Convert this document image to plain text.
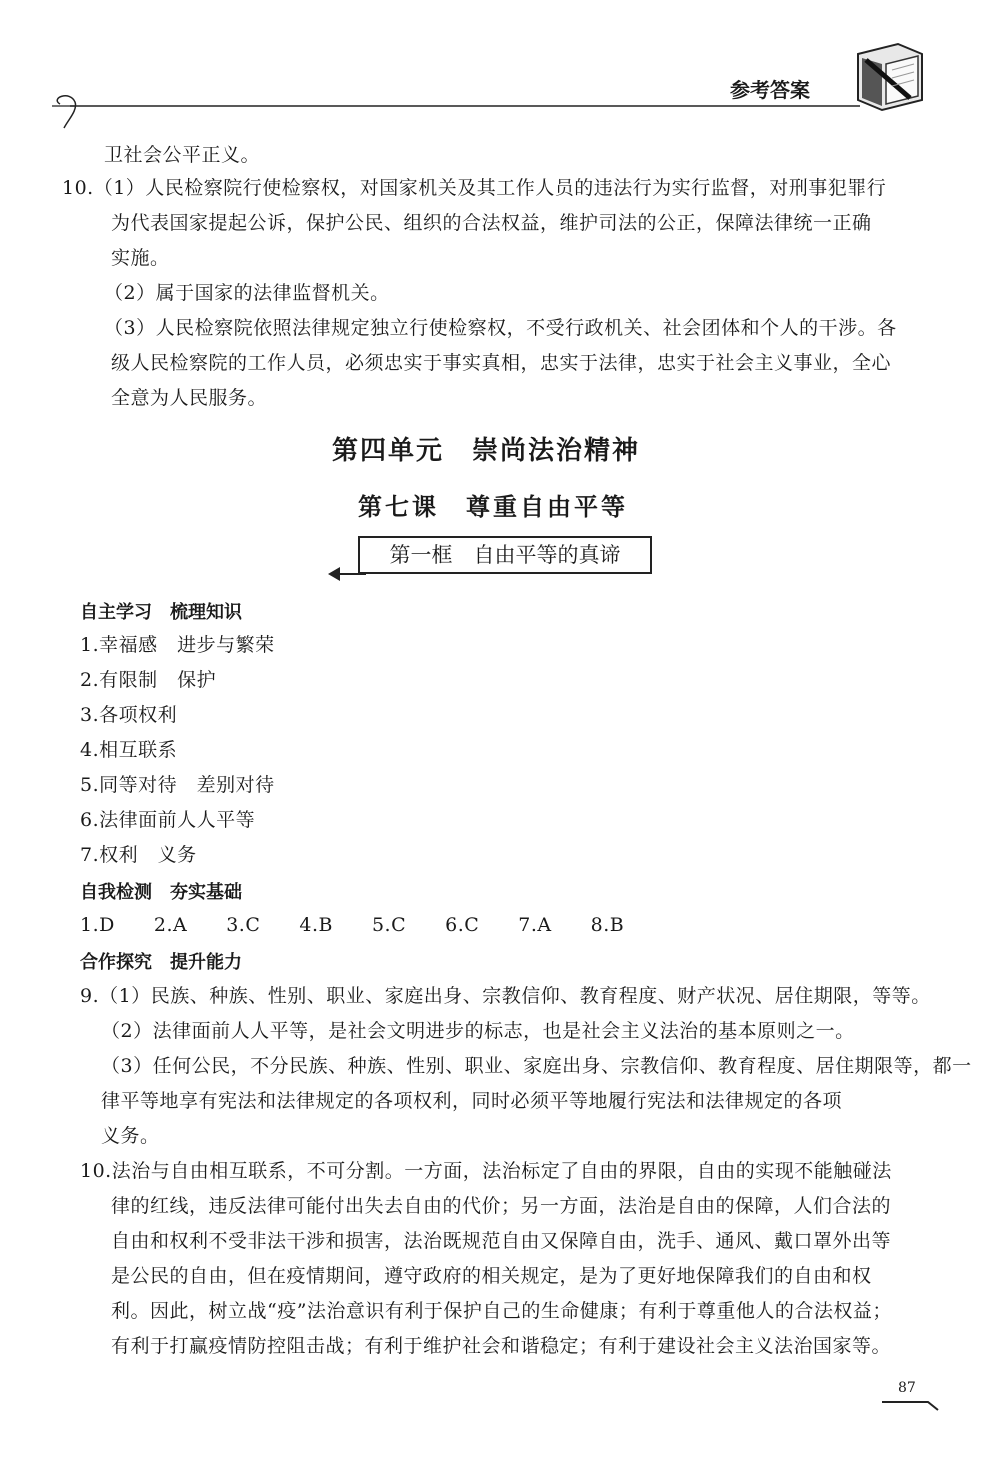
参考答案
卫社会公平正义。
10.（1）人民检察院行使检察权，对国家机关及其工作人员的违法行为实行监督，对刑事犯罪行
为代表国家提起公诉，保护公民、组织的合法权益，维护司法的公正，保障法律统一正确
实施。
（2）属于国家的法律监督机关。
（3）人民检察院依照法律规定独立行使检察权，不受行政机关、社会团体和个人的干涉。各
级人民检察院的工作人员，必须忠实于事实真相，忠实于法律，忠实于社会主义事业，全心
全意为人民服务。
第四单元　崇尚法治精神
第七课　尊重自由平等
第一框　自由平等的真谛
自主学习　梳理知识
1.幸福感　进步与繁荣
2.有限制　保护
3.各项权利
4.相互联系
5.同等对待　差别对待
6.法律面前人人平等
7.权利　义务
自我检测　夯实基础
1.D　　2.A　　3.C　　4.B　　5.C　　6.C　　7.A　　8.B
合作探究　提升能力
9.（1）民族、种族、性别、职业、家庭出身、宗教信仰、教育程度、财产状况、居住期限，等等。
（2）法律面前人人平等，是社会文明进步的标志，也是社会主义法治的基本原则之一。
（3）任何公民，不分民族、种族、性别、职业、家庭出身、宗教信仰、教育程度、居住期限等，都一
律平等地享有宪法和法律规定的各项权利，同时必须平等地履行宪法和法律规定的各项
义务。
10.法治与自由相互联系，不可分割。一方面，法治标定了自由的界限，自由的实现不能触碰法
律的红线，违反法律可能付出失去自由的代价；另一方面，法治是自由的保障，人们合法的
自由和权利不受非法干涉和损害，法治既规范自由又保障自由，洗手、通风、戴口罩外出等
是公民的自由，但在疫情期间，遵守政府的相关规定，是为了更好地保障我们的自由和权
利。因此，树立战“疫”法治意识有利于保护自己的生命健康；有利于尊重他人的合法权益；
有利于打赢疫情防控阻击战；有利于维护社会和谐稳定；有利于建设社会主义法治国家等。
87
